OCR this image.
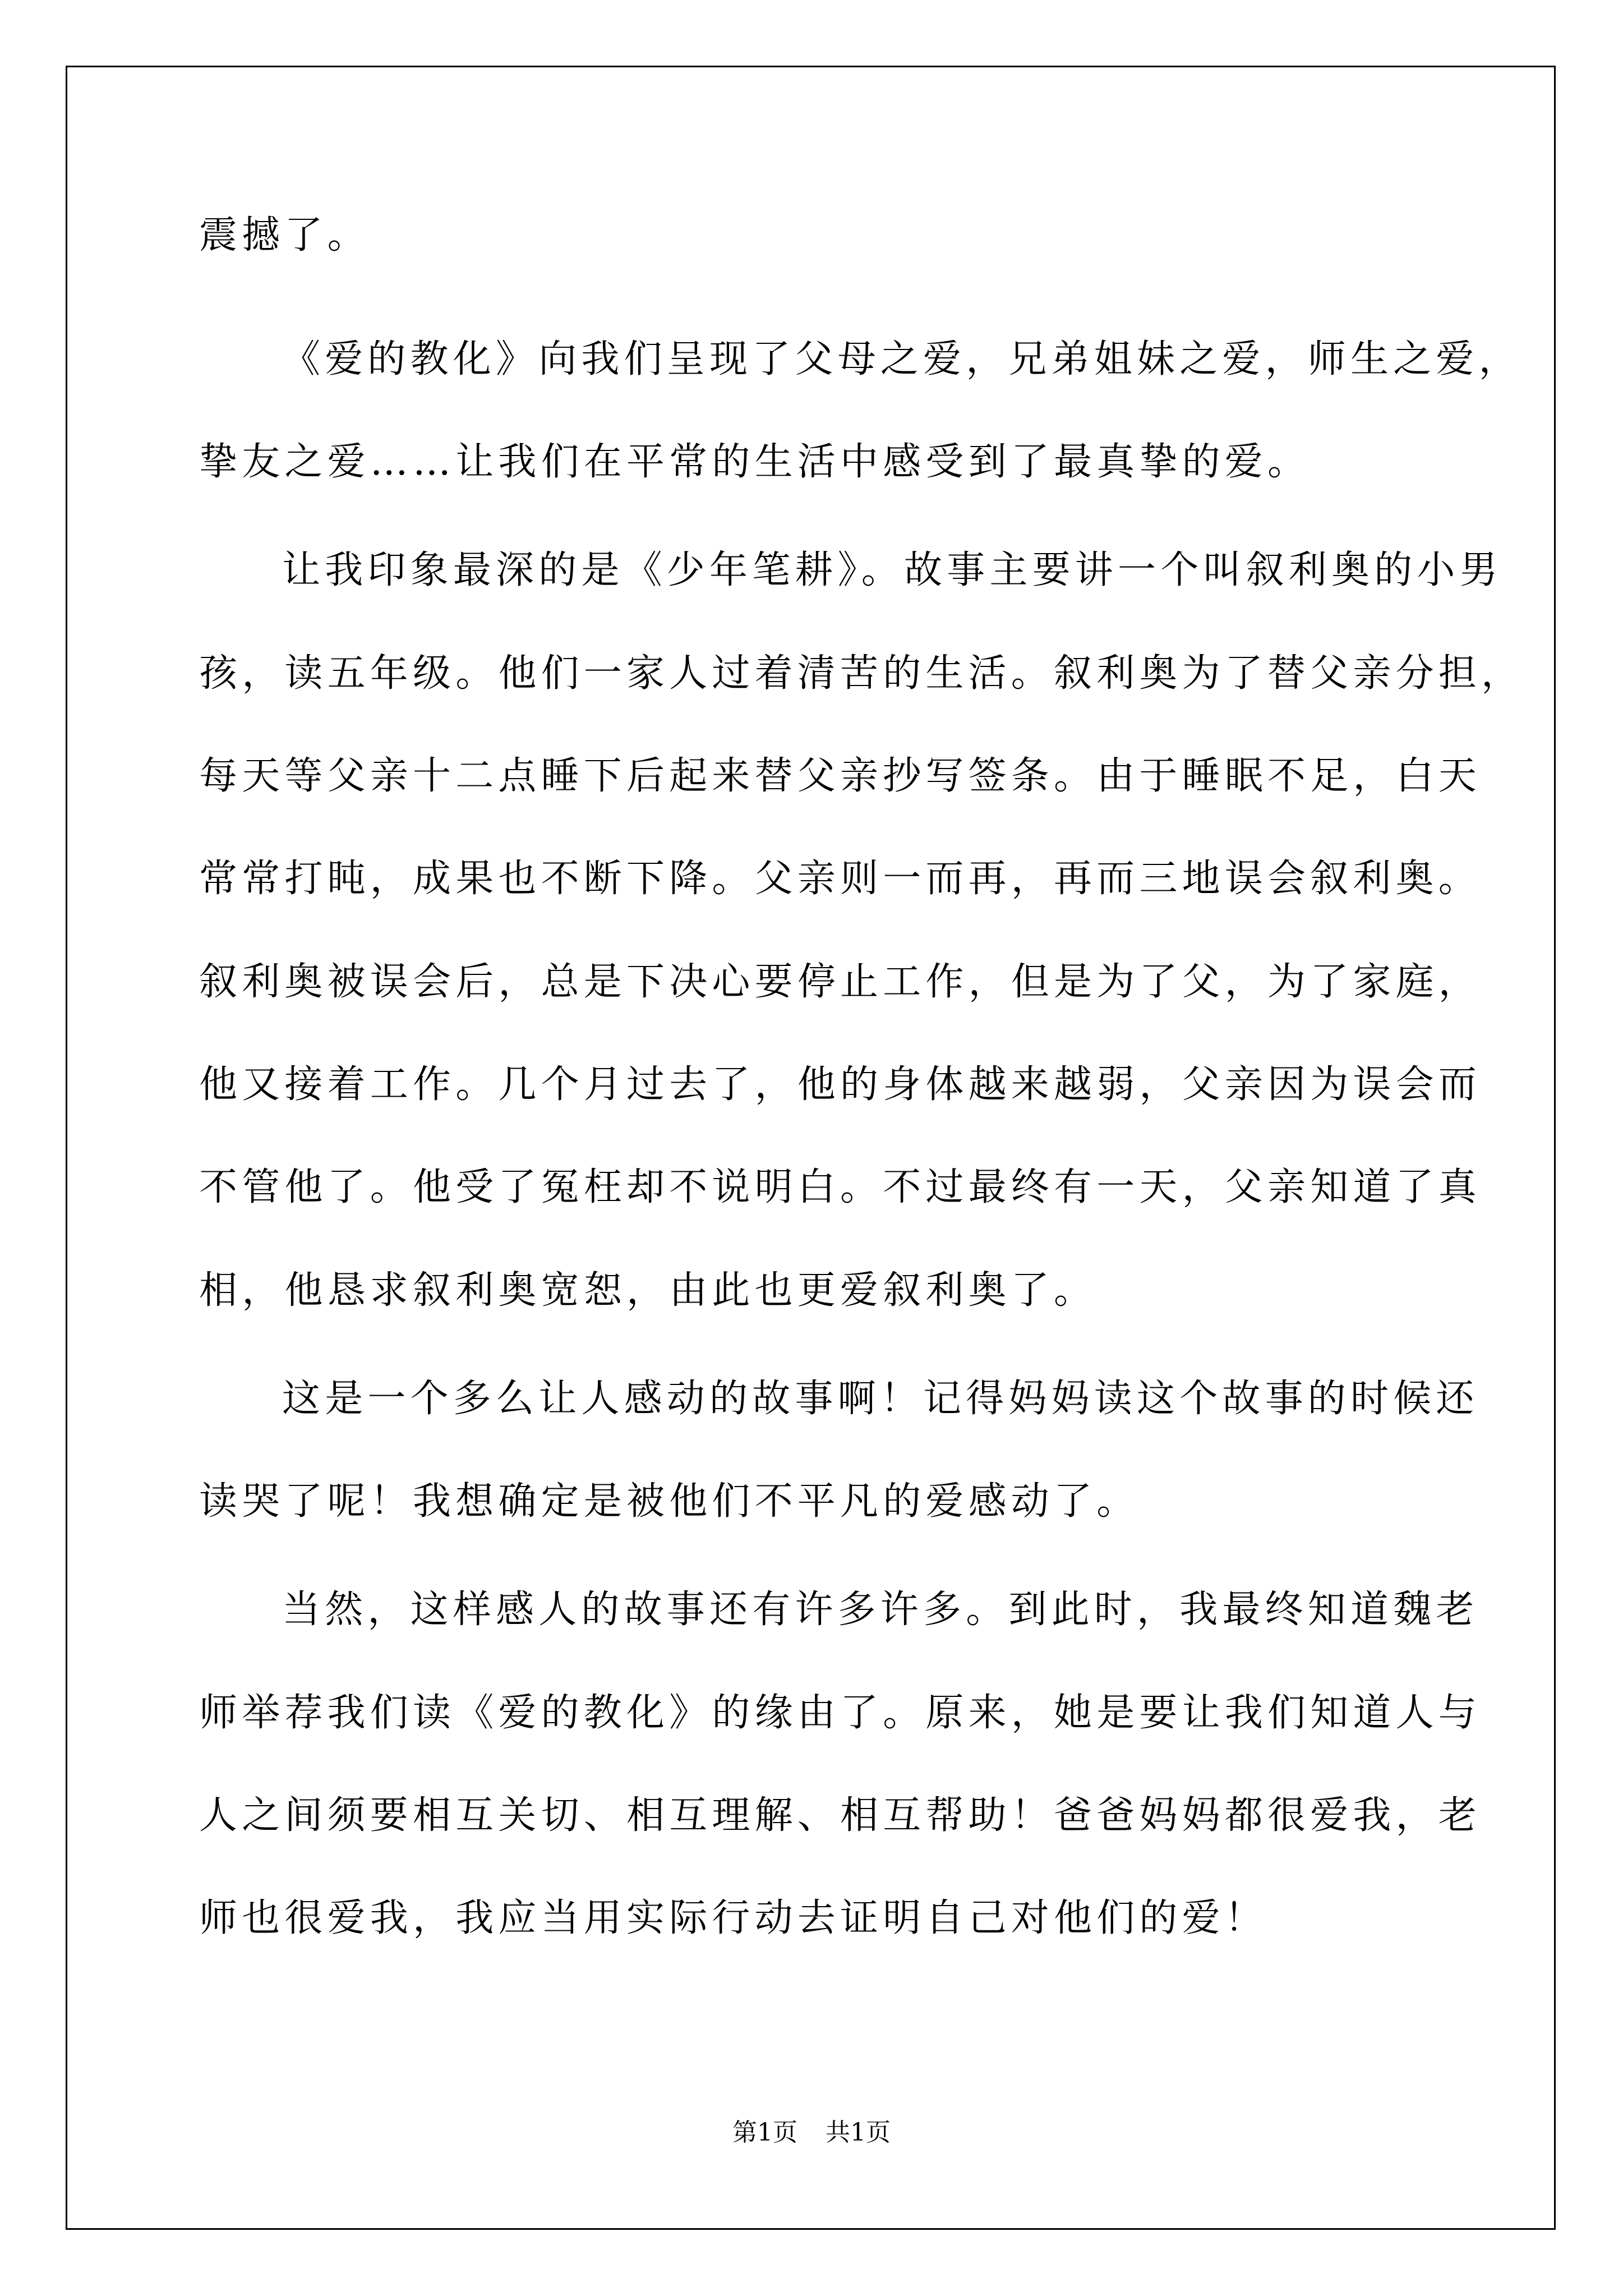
震撼了。
《爱的教化》向我们呈现了父母之爱，兄弟姐妹之爱，师生之爱，
挚友之爱……让我们在平常的生活中感受到了最真挚的爱。
让我印象最深的是《少年笔耕》。故事主要讲一个叫叙利奥的小男
孩，读五年级。他们一家人过着清苦的生活。叙利奥为了替父亲分担，
每天等父亲十二点睡下后起来替父亲抄写签条。由于睡眠不足，白天
常常打盹，成果也不断下降。父亲则一而再，再而三地误会叙利奥。
叙利奥被误会后，总是下决心要停止工作，但是为了父，为了家庭，
他又接着工作。几个月过去了，他的身体越来越弱，父亲因为误会而
不管他了。他受了冤枉却不说明白。不过最终有一天，父亲知道了真
相，他恳求叙利奥宽恕，由此也更爱叙利奥了。
这是一个多么让人感动的故事啊！记得妈妈读这个故事的时候还
读哭了呢！我想确定是被他们不平凡的爱感动了。
当然，这样感人的故事还有许多许多。到此时，我最终知道魏老
师举荐我们读《爱的教化》的缘由了。原来，她是要让我们知道人与
人之间须要相互关切、相互理解、相互帮助！爸爸妈妈都很爱我，老
师也很爱我，我应当用实际行动去证明自己对他们的爱！
第1页 共1页
